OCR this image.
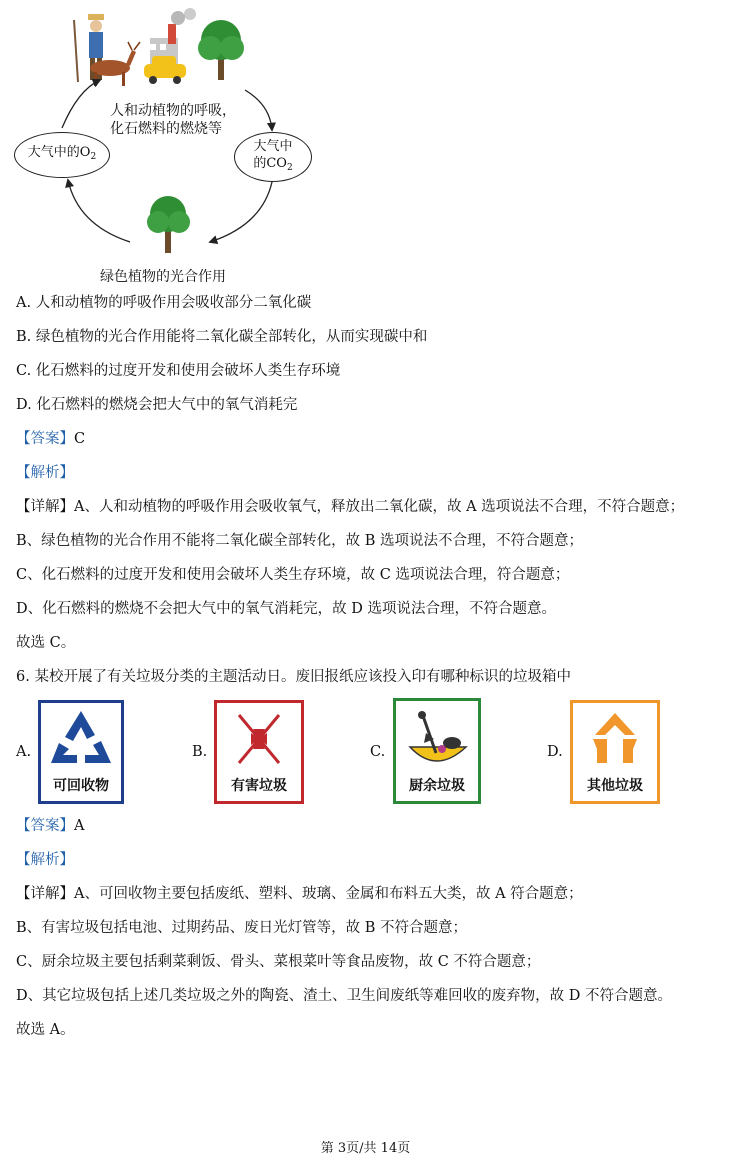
人和动植物的呼吸，
化石燃料的燃烧等
大气中的$O_2$
大气中
的$CO_2$
绿色植物的光合作用
A. 人和动植物的呼吸作用会吸收部分二氧化碳
B. 绿色植物的光合作用能将二氧化碳全部转化，从而实现碳中和
C. 化石燃料的过度开发和使用会破坏人类生存环境
D. 化石燃料的燃烧会把大气中的氧气消耗完
【答案】C
【解析】
【详解】A、人和动植物的呼吸作用会吸收氧气，释放出二氧化碳，故 A 选项说法不合理，不符合题意；
B、绿色植物的光合作用不能将二氧化碳全部转化，故 B 选项说法不合理，不符合题意；
C、化石燃料的过度开发和使用会破坏人类生存环境，故 C 选项说法合理，符合题意；
D、化石燃料的燃烧不会把大气中的氧气消耗完，故 D 选项说法合理，不符合题意。
故选 C。
6. 某校开展了有关垃圾分类的主题活动日。废旧报纸应该投入印有哪种标识的垃圾箱中
A.
可回收物
B.
有害垃圾
C.
厨余垃圾
D.
其他垃圾
【答案】A
【解析】
【详解】A、可回收物主要包括废纸、塑料、玻璃、金属和布料五大类，故 A 符合题意；
B、有害垃圾包括电池、过期药品、废日光灯管等，故 B 不符合题意；
C、厨余垃圾主要包括剩菜剩饭、骨头、菜根菜叶等食品废物，故 C 不符合题意；
D、其它垃圾包括上述几类垃圾之外的陶瓷、渣土、卫生间废纸等难回收的废弃物，故 D 不符合题意。
故选 A。
第 3页/共 14页
